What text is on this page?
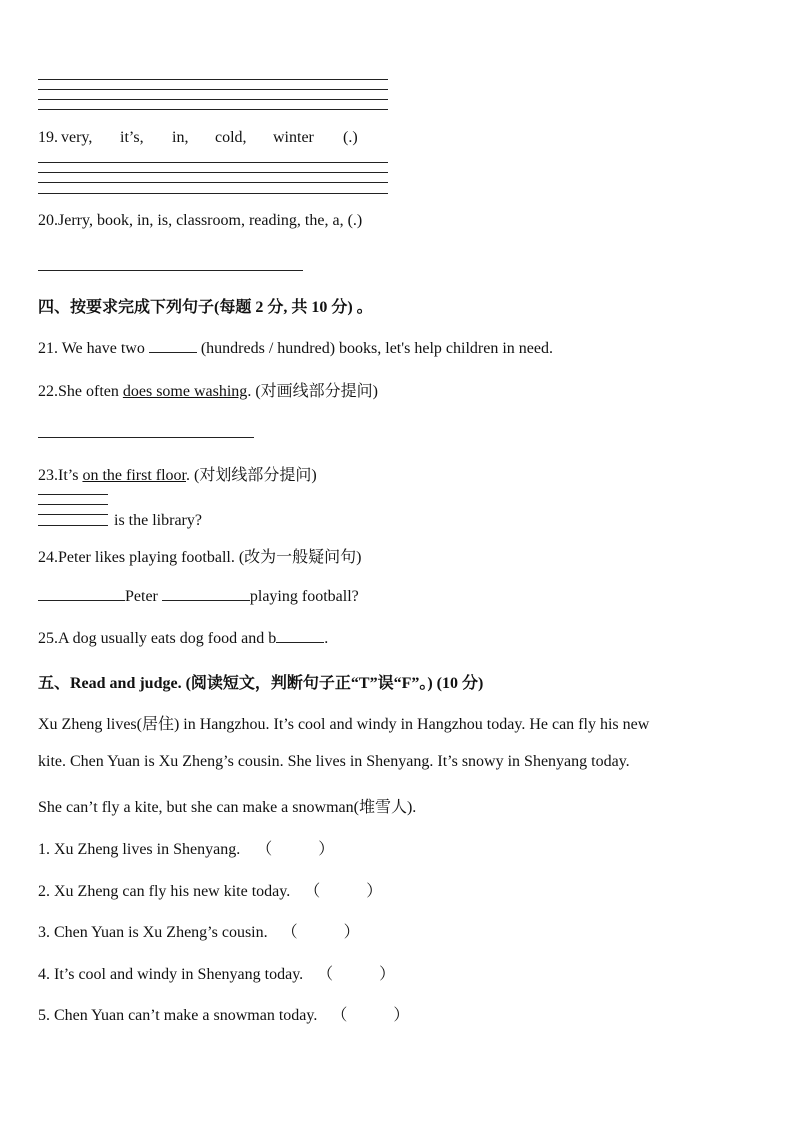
19. very, it’s, in, cold, winter (.)
20.Jerry, book, in, is, classroom, reading, the, a, (.)
四、按要求完成下列句子(每题 2 分, 共 10 分) 。
21. We have two	(hundreds / hundred) books, let's help children in need.
22.She often does some washing. (对画线部分提问)
23.It’s on the first floor. (对划线部分提问)
is the library?
24.Peter likes playing football. (改为一般疑问句)
Peter	playing football?
25.A dog usually eats dog food and b	.
五、Read and judge. (阅读短文，判断句子正“T”误“F”。) (10 分)
Xu Zheng lives(居住) in Hangzhou. It’s cool and windy in Hangzhou today. He can fly his new
kite. Chen Yuan is Xu Zheng’s cousin. She lives in Shenyang. It’s snowy in Shenyang today.
She can’t fly a kite, but she can make a snowman(堆雪人).
1. Xu Zheng lives in Shenyang. （	）
2. Xu Zheng can fly his new kite today. （	）
3. Chen Yuan is Xu Zheng’s cousin. （	）
4. It’s cool and windy in Shenyang today. （	）
5. Chen Yuan can’t make a snowman today. （	）
